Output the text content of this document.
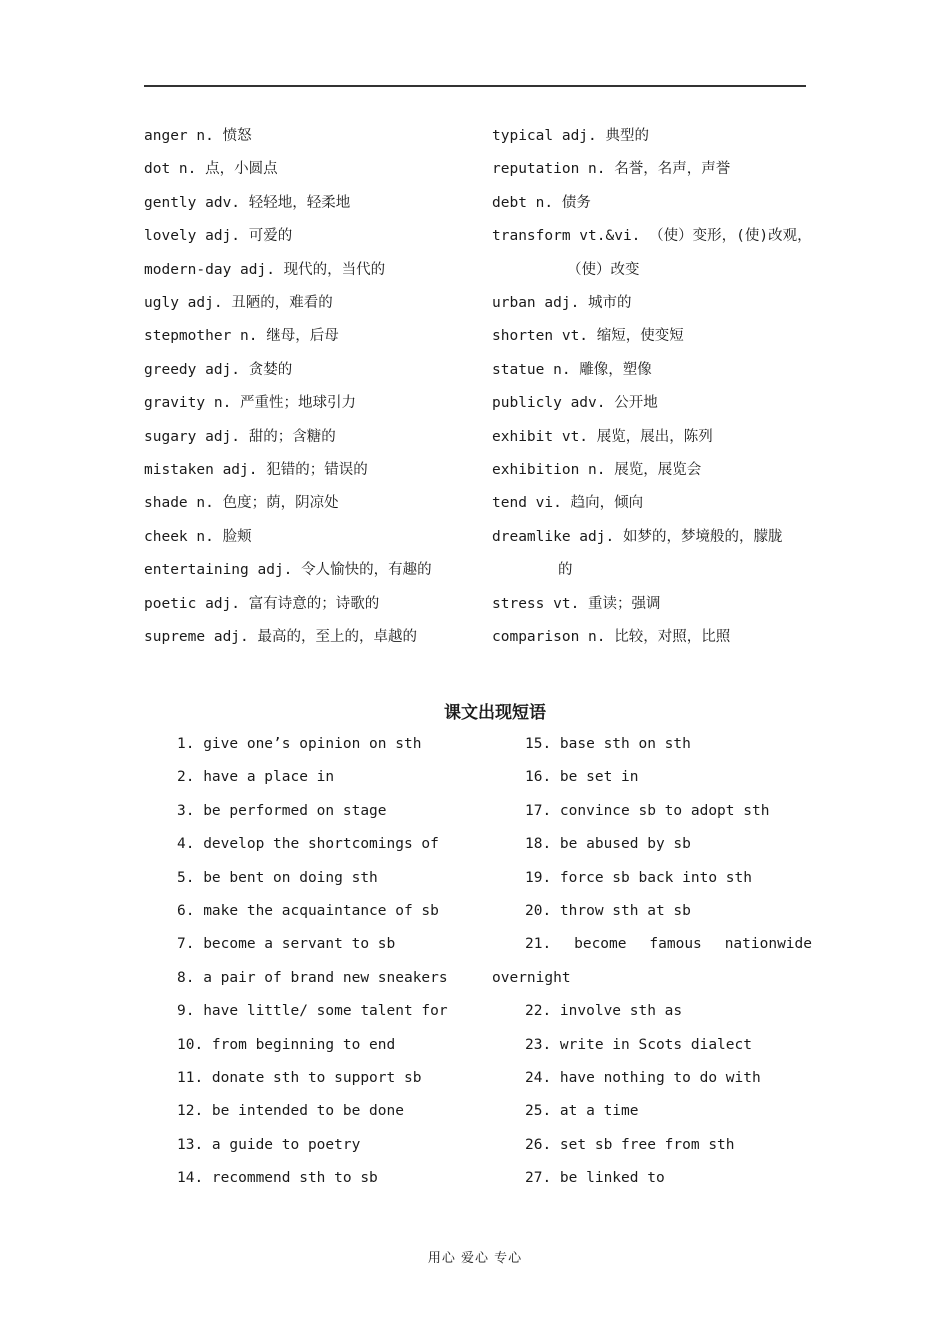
anger n. 愤怒
dot n. 点，小圆点
gently adv. 轻轻地，轻柔地
lovely adj. 可爱的
modern-day adj. 现代的，当代的
ugly adj. 丑陋的，难看的
stepmother n. 继母，后母
greedy adj. 贪婪的
gravity n. 严重性；地球引力
sugary adj. 甜的；含糖的
mistaken adj. 犯错的；错误的
shade n. 色度；荫，阴凉处
cheek n. 脸颊
entertaining adj. 令人愉快的，有趣的
poetic adj. 富有诗意的；诗歌的
supreme adj. 最高的，至上的，卓越的
typical adj. 典型的
reputation n. 名誉，名声，声誉
debt n. 债务
transform vt.&vi. （使）变形，(使)改观，
（使）改变
urban adj. 城市的
shorten vt. 缩短，使变短
statue n. 雕像，塑像
publicly adv. 公开地
exhibit vt. 展览，展出，陈列
exhibition n. 展览，展览会
tend vi. 趋向，倾向
dreamlike adj. 如梦的，梦境般的，朦胧
的
stress vt. 重读；强调
comparison n. 比较，对照，比照
课文出现短语
1. give one’s opinion on sth
2. have a place in
3. be performed on stage
4. develop the shortcomings of
5. be bent on doing sth
6. make the acquaintance of sb
7. become a servant to sb
8. a pair of brand new sneakers
9. have little/ some talent for
10. from beginning to end
11. donate sth to support sb
12. be intended to be done
13. a guide to poetry
14. recommend sth to sb
15. base sth on sth
16. be set in
17. convince sb to adopt sth
18. be abused by sb
19. force sb back into sth
20. throw sth at sb
21. become famous nationwide
overnight
22. involve sth as
23. write in Scots dialect
24. have nothing to do with
25. at a time
26. set sb free from sth
27. be linked to
用心 爱心 专心
